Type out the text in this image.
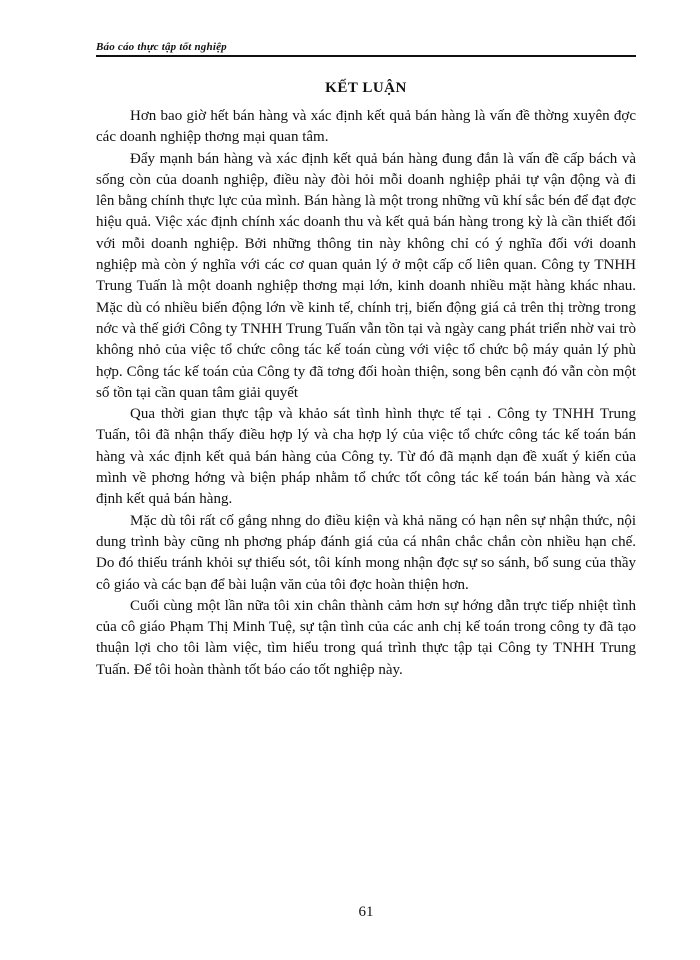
Báo cáo thực tập tốt nghiệp
KẾT LUẬN

Hơn bao giờ hết bán hàng và xác định kết quả bán hàng là vấn đề thờng xuyên đợc các doanh nghiệp thơng mại quan tâm.

Đẩy mạnh bán hàng và xác định kết quả bán hàng đung đắn là vấn đề cấp bách và sống còn của doanh nghiệp, điều này đòi hỏi mỗi doanh nghiệp phải tự vận động và đi lên bằng chính thực lực của mình. Bán hàng là một trong những vũ khí sắc bén để đạt đợc hiệu quả. Việc xác định chính xác doanh thu và kết quả bán hàng trong kỳ là cần thiết đối với mỗi doanh nghiệp. Bởi những thông tin này không chỉ có ý nghĩa đối với doanh nghiệp mà còn ý nghĩa với các cơ quan quản lý ở một cấp cố liên quan. Công ty TNHH Trung Tuấn là một doanh nghiệp thơng mại lớn, kinh doanh nhiều mặt hàng khác nhau. Mặc dù có nhiều biến động lớn về kinh tế, chính trị, biến động giá cả trên thị trờng trong nớc và thế giới Công ty TNHH Trung Tuấn vẫn tồn tại và ngày cang phát triển nhờ vai trò không nhỏ của việc tổ chức công tác kế toán cùng với việc tổ chức bộ máy quản lý phù hợp. Công tác kế toán của Công ty đã tơng đối hoàn thiện, song bên cạnh đó vẫn còn một số tồn tại cần quan tâm giải quyết

Qua thời gian thực tập và khảo sát tình hình thực tế tại . Công ty TNHH Trung Tuấn, tôi đã nhận thấy điều hợp lý và cha hợp lý của việc tổ chức công tác kế toán bán hàng và xác định kết quả bán hàng của Công ty. Từ đó đã mạnh dạn đề xuất ý kiến của mình về phơng hớng và biện pháp nhằm tổ chức tốt công tác kế toán bán hàng và xác định kết quả bán hàng.

Mặc dù tôi rất cố gắng nhng do điều kiện và khả năng có hạn nên sự nhận thức, nội dung trình bày cũng nh phơng pháp đánh giá của cá nhân chắc chắn còn nhiều hạn chế. Do đó thiếu tránh khỏi sự thiếu sót, tôi kính mong nhận đợc sự so sánh, bổ sung của thầy cô giáo và các bạn để bài luận văn của tôi đợc hoàn thiện hơn.

Cuối cùng một lần nữa tôi xin chân thành cảm hơn sự hớng dẫn trực tiếp nhiệt tình của cô giáo Phạm Thị Minh Tuệ, sự tận tình của các anh chị kế toán trong công ty đã tạo thuận lợi cho tôi làm việc, tìm hiểu trong quá trình thực tập tại Công ty TNHH Trung Tuấn. Để tôi hoàn thành tốt báo cáo tốt nghiệp này.

61
